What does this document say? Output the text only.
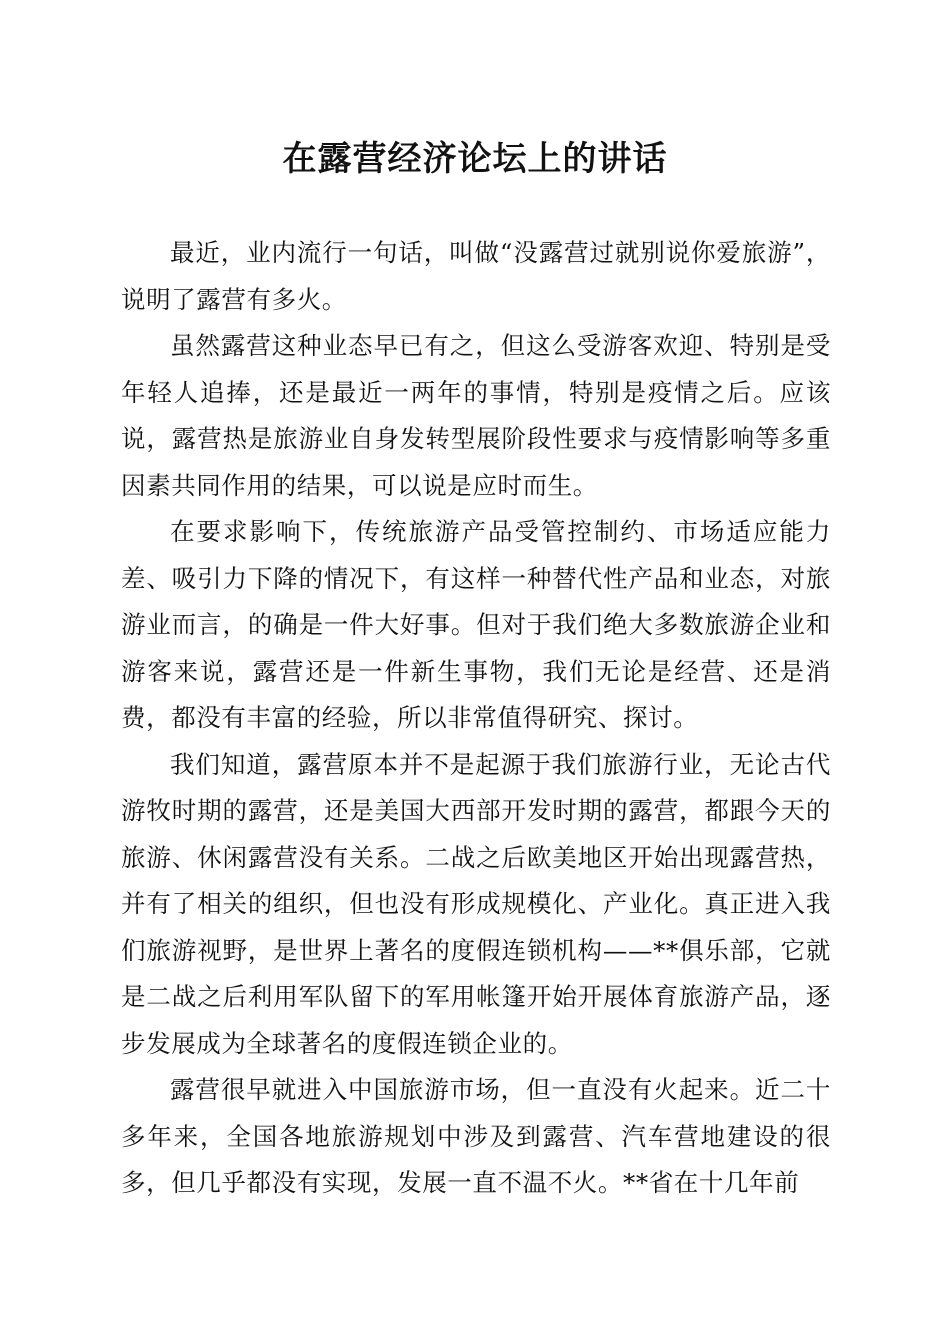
在露营经济论坛上的讲话

最近，业内流行一句话，叫做“没露营过就别说你爱旅游”，说明了露营有多火。

虽然露营这种业态早已有之，但这么受游客欢迎、特别是受年轻人追捧，还是最近一两年的事情，特别是疫情之后。应该说，露营热是旅游业自身发转型展阶段性要求与疫情影响等多重因素共同作用的结果，可以说是应时而生。

在要求影响下，传统旅游产品受管控制约、市场适应能力差、吸引力下降的情况下，有这样一种替代性产品和业态，对旅游业而言，的确是一件大好事。但对于我们绝大多数旅游企业和游客来说，露营还是一件新生事物，我们无论是经营、还是消费，都没有丰富的经验，所以非常值得研究、探讨。

我们知道，露营原本并不是起源于我们旅游行业，无论古代游牧时期的露营，还是美国大西部开发时期的露营，都跟今天的旅游、休闲露营没有关系。二战之后欧美地区开始出现露营热，并有了相关的组织，但也没有形成规模化、产业化。真正进入我们旅游视野，是世界上著名的度假连锁机构——**俱乐部，它就是二战之后利用军队留下的军用帐篷开始开展体育旅游产品，逐步发展成为全球著名的度假连锁企业的。

露营很早就进入中国旅游市场，但一直没有火起来。近二十多年来，全国各地旅游规划中涉及到露营、汽车营地建设的很多，但几乎都没有实现，发展一直不温不火。**省在十几年前
